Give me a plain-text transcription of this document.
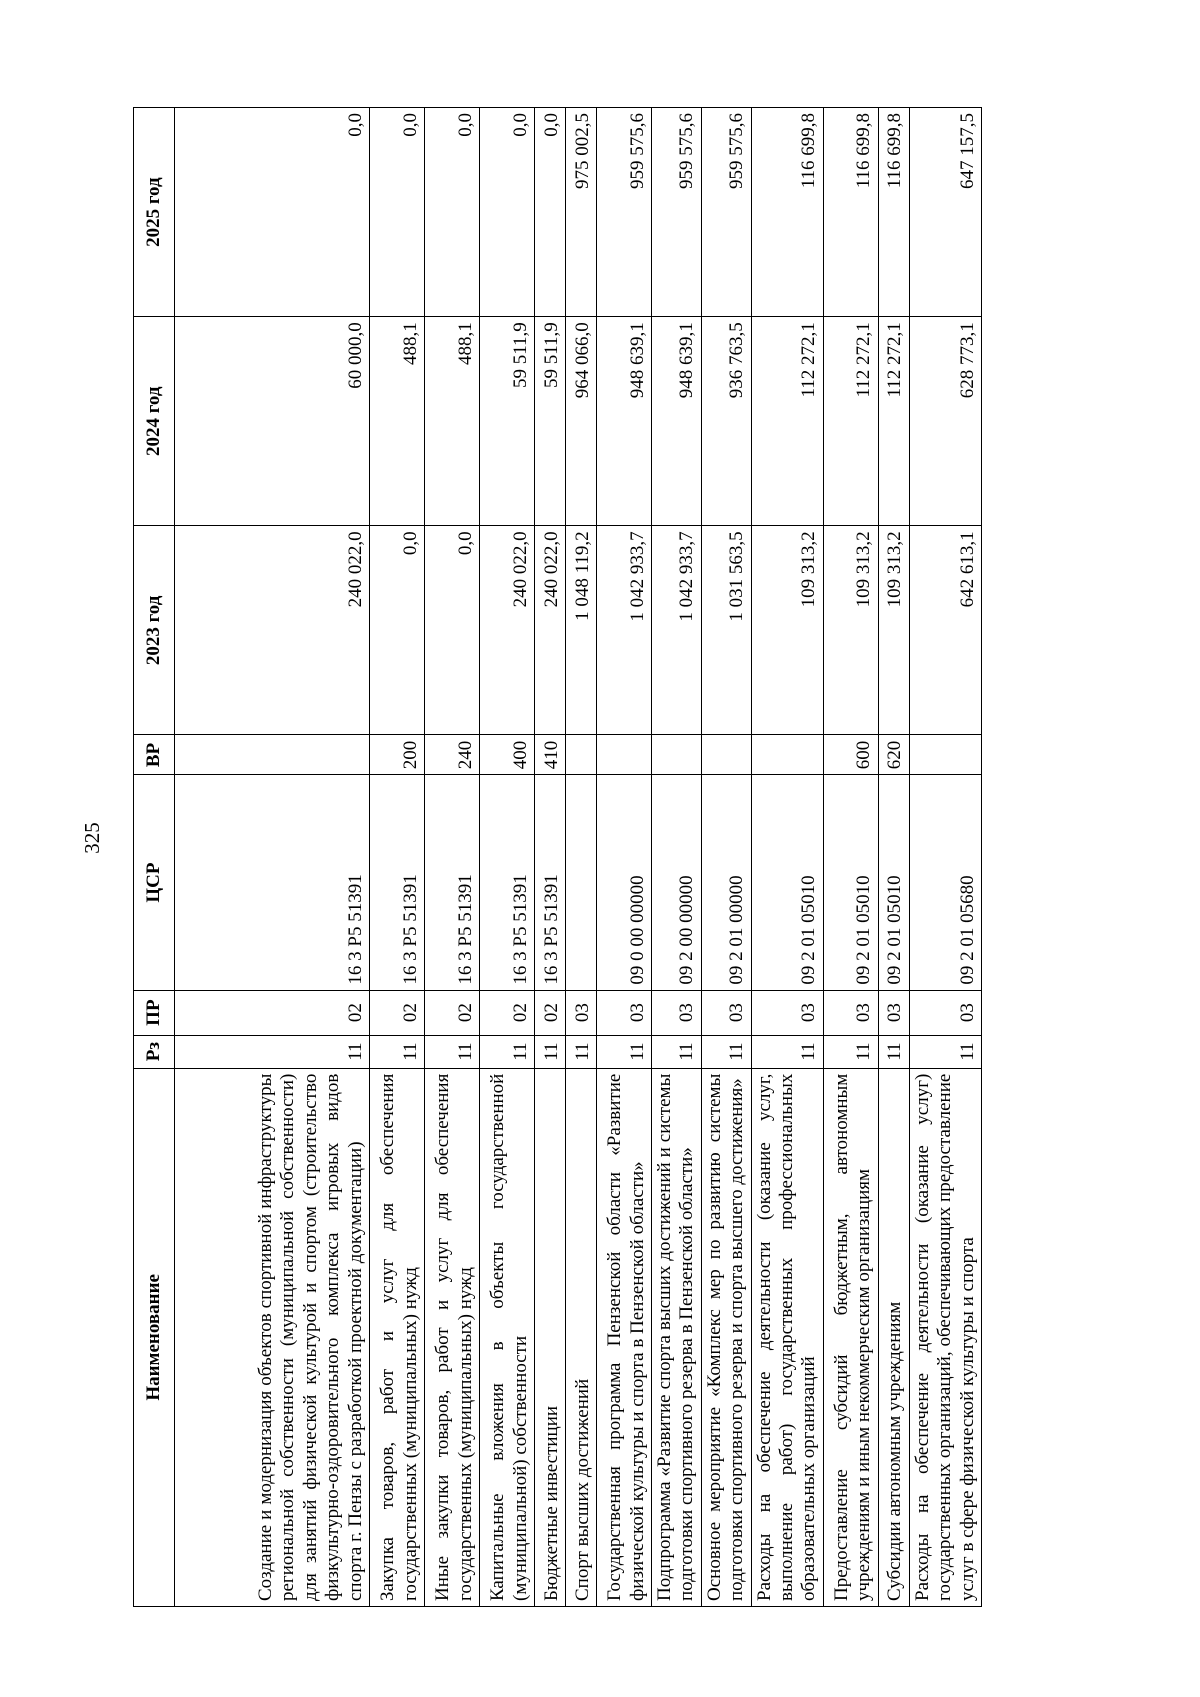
325
Наименование	Рз	ПР	ЦСР	ВР	2023 год	2024 год	2025 год
Создание и модернизация объектов спортивной инфраструктуры региональной собственности (муниципальной собственности) для занятий физической культурой и спортом (строительство физкультурно-оздоровительного комплекса игровых видов спорта г. Пензы с разработкой проектной документации)	11	02	16 3 Р5 51391		240 022,0	60 000,0	0,0
Закупка товаров, работ и услуг для обеспечения государственных (муниципальных) нужд	11	02	16 3 Р5 51391	200	0,0	488,1	0,0
Иные закупки товаров, работ и услуг для обеспечения государственных (муниципальных) нужд	11	02	16 3 Р5 51391	240	0,0	488,1	0,0
Капитальные вложения в объекты государственной (муниципальной) собственности	11	02	16 3 Р5 51391	400	240 022,0	59 511,9	0,0
Бюджетные инвестиции	11	02	16 3 Р5 51391	410	240 022,0	59 511,9	0,0
Спорт высших достижений	11	03			1 048 119,2	964 066,0	975 002,5
Государственная программа Пензенской области «Развитие физической культуры и спорта в Пензенской области»	11	03	09 0 00 00000		1 042 933,7	948 639,1	959 575,6
Подпрограмма «Развитие спорта высших достижений и системы подготовки спортивного резерва в Пензенской области»	11	03	09 2 00 00000		1 042 933,7	948 639,1	959 575,6
Основное мероприятие «Комплекс мер по развитию системы подготовки спортивного резерва и спорта высшего достижения»	11	03	09 2 01 00000		1 031 563,5	936 763,5	959 575,6
Расходы на обеспечение деятельности (оказание услуг, выполнение работ) государственных профессиональных образовательных организаций	11	03	09 2 01 05010		109 313,2	112 272,1	116 699,8
Предоставление субсидий бюджетным, автономным учреждениям и иным некоммерческим организациям	11	03	09 2 01 05010	600	109 313,2	112 272,1	116 699,8
Субсидии автономным учреждениям	11	03	09 2 01 05010	620	109 313,2	112 272,1	116 699,8
Расходы на обеспечение деятельности (оказание услуг) государственных организаций, обеспечивающих предоставление услуг в сфере физической культуры и спорта	11	03	09 2 01 05680		642 613,1	628 773,1	647 157,5
